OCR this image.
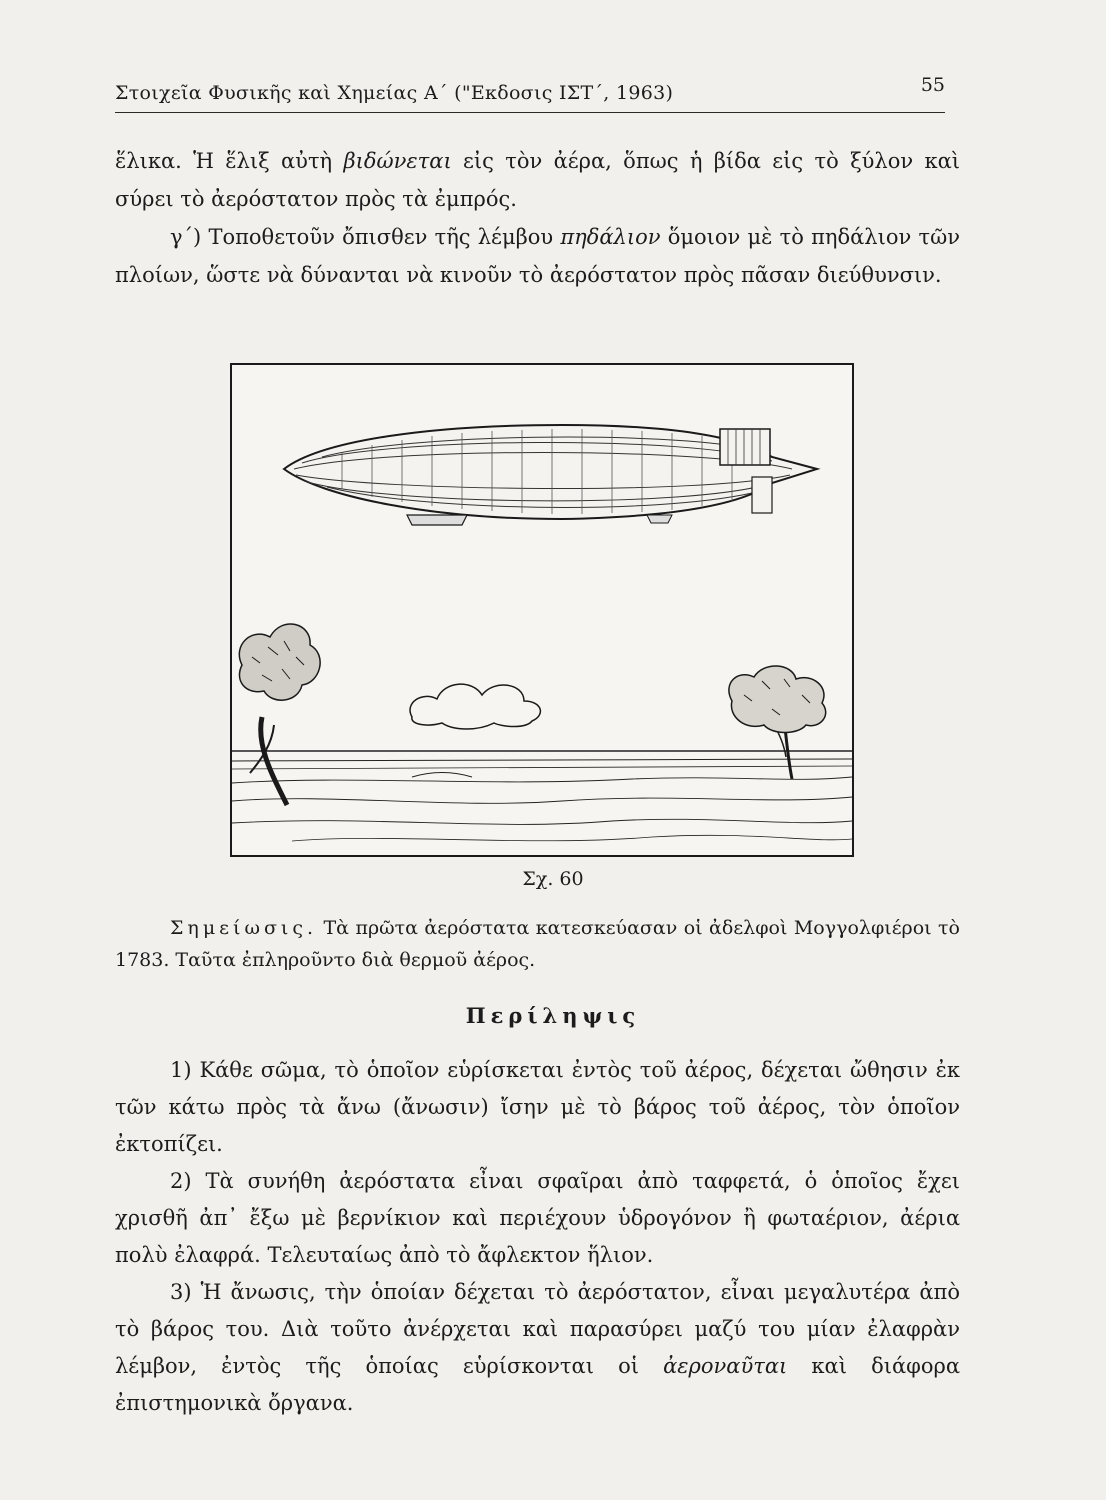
Στοιχεῖα Φυσικῆς καὶ Χημείας Α΄ ("Εκδοσις ΙΣΤ΄, 1963)	55

ἕλικα. Ἡ ἕλιξ αὐτὴ βιδώνεται εἰς τὸν ἀέρα, ὅπως ἡ βίδα εἰς τὸ ξύλον καὶ σύρει τὸ ἀερόστατον πρὸς τὰ ἐμπρός.

γ΄) Τοποθετοῦν ὄπισθεν τῆς λέμβου πηδάλιον ὅμοιον μὲ τὸ πηδάλιον τῶν πλοίων, ὥστε νὰ δύνανται νὰ κινοῦν τὸ ἀερόστατον πρὸς πᾶσαν διεύθυνσιν.

Σχ. 60

Σημείωσις. Τὰ πρῶτα ἀερόστατα κατεσκεύασαν οἱ ἀδελφοὶ Μογγολφιέροι τὸ 1783. Ταῦτα ἐπληροῦντο διὰ θερμοῦ ἀέρος.

Περίληψις

1) Κάθε σῶμα, τὸ ὁποῖον εὑρίσκεται ἐντὸς τοῦ ἀέρος, δέχεται ὤθησιν ἐκ τῶν κάτω πρὸς τὰ ἄνω (ἄνωσιν) ἴσην μὲ τὸ βάρος τοῦ ἀέρος, τὸν ὁποῖον ἐκτοπίζει.

2) Τὰ συνήθη ἀερόστατα εἶναι σφαῖραι ἀπὸ ταφφετά, ὁ ὁποῖος ἔχει χρισθῆ ἀπ᾽ ἔξω μὲ βερνίκιον καὶ περιέχουν ὑδρογόνον ἢ φωταέριον, ἀέρια πολὺ ἐλαφρά. Τελευταίως ἀπὸ τὸ ἄφλεκτον ἥλιον.

3) Ἡ ἄνωσις, τὴν ὁποίαν δέχεται τὸ ἀερόστατον, εἶναι μεγαλυτέρα ἀπὸ τὸ βάρος του. Διὰ τοῦτο ἀνέρχεται καὶ παρασύρει μαζύ του μίαν ἐλαφρὰν λέμβον, ἐντὸς τῆς ὁποίας εὑρίσκονται οἱ ἀεροναῦται καὶ διάφορα ἐπιστημονικὰ ὄργανα.
